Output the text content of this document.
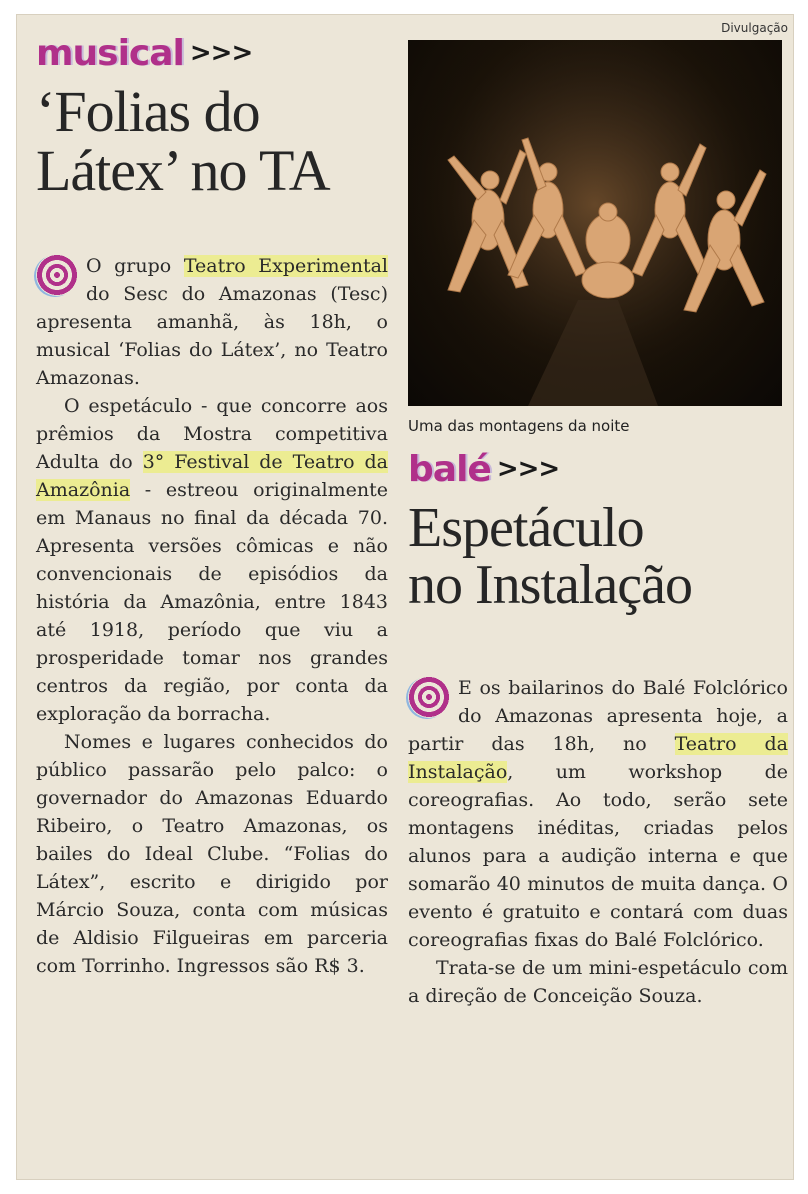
musical >>>
‘Folias do
Látex’ no TA

O grupo Teatro Experimental do Sesc do Amazonas (Tesc) apresenta amanhã, às 18h, o musical ‘Folias do Látex’, no Teatro Amazonas.

O espetáculo - que concorre aos prêmios da Mostra competitiva Adulta do 3° Festival de Teatro da Amazônia - estreou originalmente em Manaus no final da década 70. Apresenta versões cômicas e não convencionais de episódios da história da Amazônia, entre 1843 até 1918, período que viu a prosperidade tomar nos grandes centros da região, por conta da exploração da borracha.

Nomes e lugares conhecidos do público passarão pelo palco: o governador do Amazonas Eduardo Ribeiro, o Teatro Amazonas, os bailes do Ideal Clube. “Folias do Látex”, escrito e dirigido por Márcio Souza, conta com músicas de Aldisio Filgueiras em parceria com Torrinho. Ingressos são R$ 3.

Divulgação
Uma das montagens da noite
balé >>>
Espetáculo
no Instalação

E os bailarinos do Balé Folclórico do Amazonas apresenta hoje, a partir das 18h, no Teatro da Instalação, um workshop de coreografias. Ao todo, serão sete montagens inéditas, criadas pelos alunos para a audição interna e que somarão 40 minutos de muita dança. O evento é gratuito e contará com duas coreografias fixas do Balé Folclórico.

Trata-se de um mini-espetáculo com a direção de Conceição Souza.
